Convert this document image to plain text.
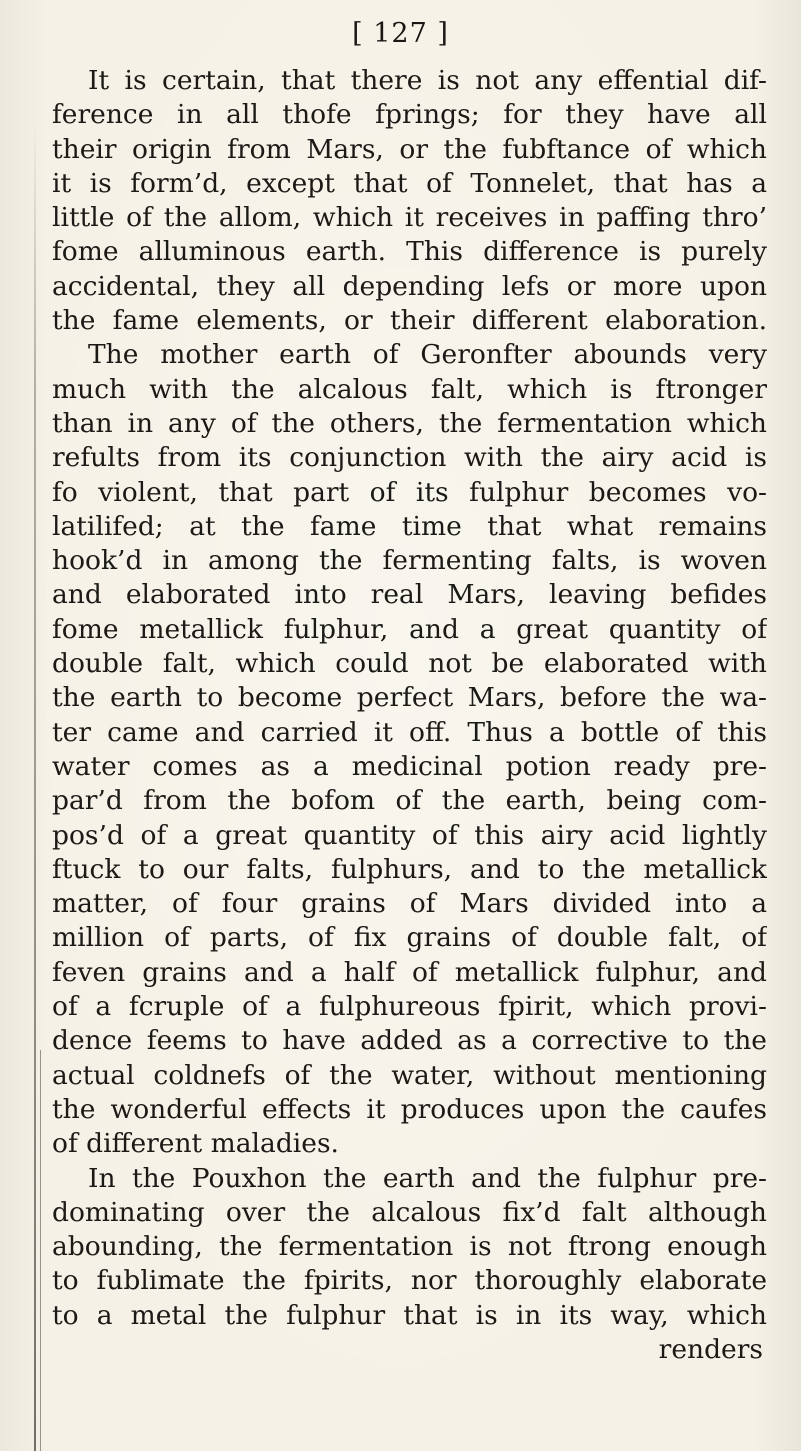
[ 127 ]
It is certain, that there is not any effential dif-
ference in all thofe fprings; for they have all
their origin from Mars, or the fubftance of which
it is form’d, except that of Tonnelet, that has a
little of the allom, which it receives in paffing thro’
fome alluminous earth. This difference is purely
accidental, they all depending lefs or more upon
the fame elements, or their different elaboration.
The mother earth of Geronfter abounds very
much with the alcalous falt, which is ftronger
than in any of the others, the fermentation which
refults from its conjunction with the airy acid is
fo violent, that part of its fulphur becomes vo-
latilifed; at the fame time that what remains
hook’d in among the fermenting falts, is woven
and elaborated into real Mars, leaving befides
fome metallick fulphur, and a great quantity of
double falt, which could not be elaborated with
the earth to become perfect Mars, before the wa-
ter came and carried it off. Thus a bottle of this
water comes as a medicinal potion ready pre-
par’d from the bofom of the earth, being com-
pos’d of a great quantity of this airy acid lightly
ftuck to our falts, fulphurs, and to the metallick
matter, of four grains of Mars divided into a
million of parts, of fix grains of double falt, of
feven grains and a half of metallick fulphur, and
of a fcruple of a fulphureous fpirit, which provi-
dence feems to have added as a corrective to the
actual coldnefs of the water, without mentioning
the wonderful effects it produces upon the caufes
of different maladies.
In the Pouxhon the earth and the fulphur pre-
dominating over the alcalous fix’d falt although
abounding, the fermentation is not ftrong enough
to fublimate the fpirits, nor thoroughly elaborate
to a metal the fulphur that is in its way, which
renders
